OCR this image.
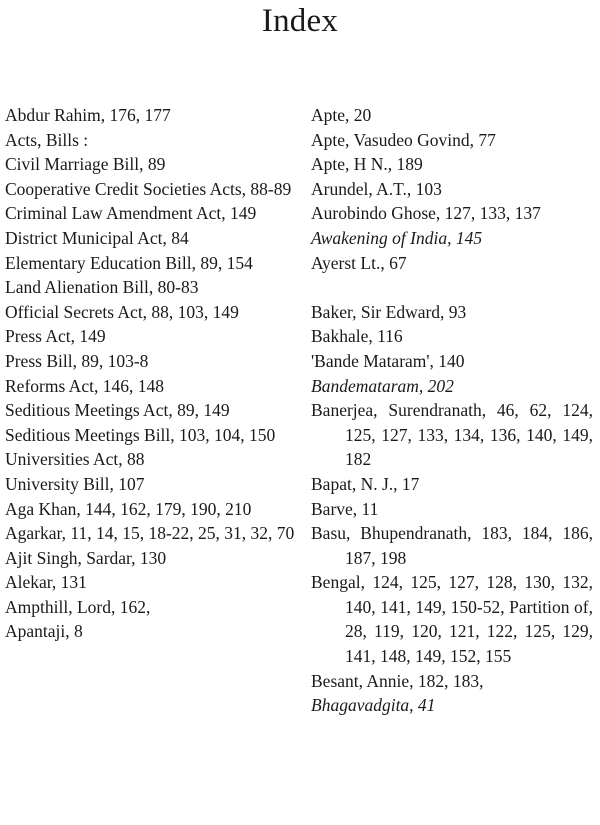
Index
Abdur Rahim, 176, 177
Acts, Bills :
Civil Marriage Bill, 89
Cooperative Credit Societies Acts, 88-89
Criminal Law Amendment Act, 149
District Municipal Act, 84
Elementary Education Bill, 89, 154
Land Alienation Bill, 80-83
Official Secrets Act, 88, 103, 149
Press Act, 149
Press Bill, 89, 103-8
Reforms Act, 146, 148
Seditious Meetings Act, 89, 149
Seditious Meetings Bill, 103, 104, 150
Universities Act, 88
University Bill, 107
Aga Khan, 144, 162, 179, 190, 210
Agarkar, 11, 14, 15, 18-22, 25, 31, 32, 70
Ajit Singh, Sardar, 130
Alekar, 131
Ampthill, Lord, 162,
Apantaji, 8
Apte, 20
Apte, Vasudeo Govind, 77
Apte, H N., 189
Arundel, A.T., 103
Aurobindo Ghose, 127, 133, 137
Awakening of India, 145
Ayerst Lt., 67
Baker, Sir Edward, 93
Bakhale, 116
'Bande Mataram', 140
Bandemataram, 202
Banerjea, Surendranath, 46, 62, 124, 125, 127, 133, 134, 136, 140, 149, 182
Bapat, N. J., 17
Barve, 11
Basu, Bhupendranath, 183, 184, 186, 187, 198
Bengal, 124, 125, 127, 128, 130, 132, 140, 141, 149, 150-52, Partition of, 28, 119, 120, 121, 122, 125, 129, 141, 148, 149, 152, 155
Besant, Annie, 182, 183,
Bhagavadgita, 41
